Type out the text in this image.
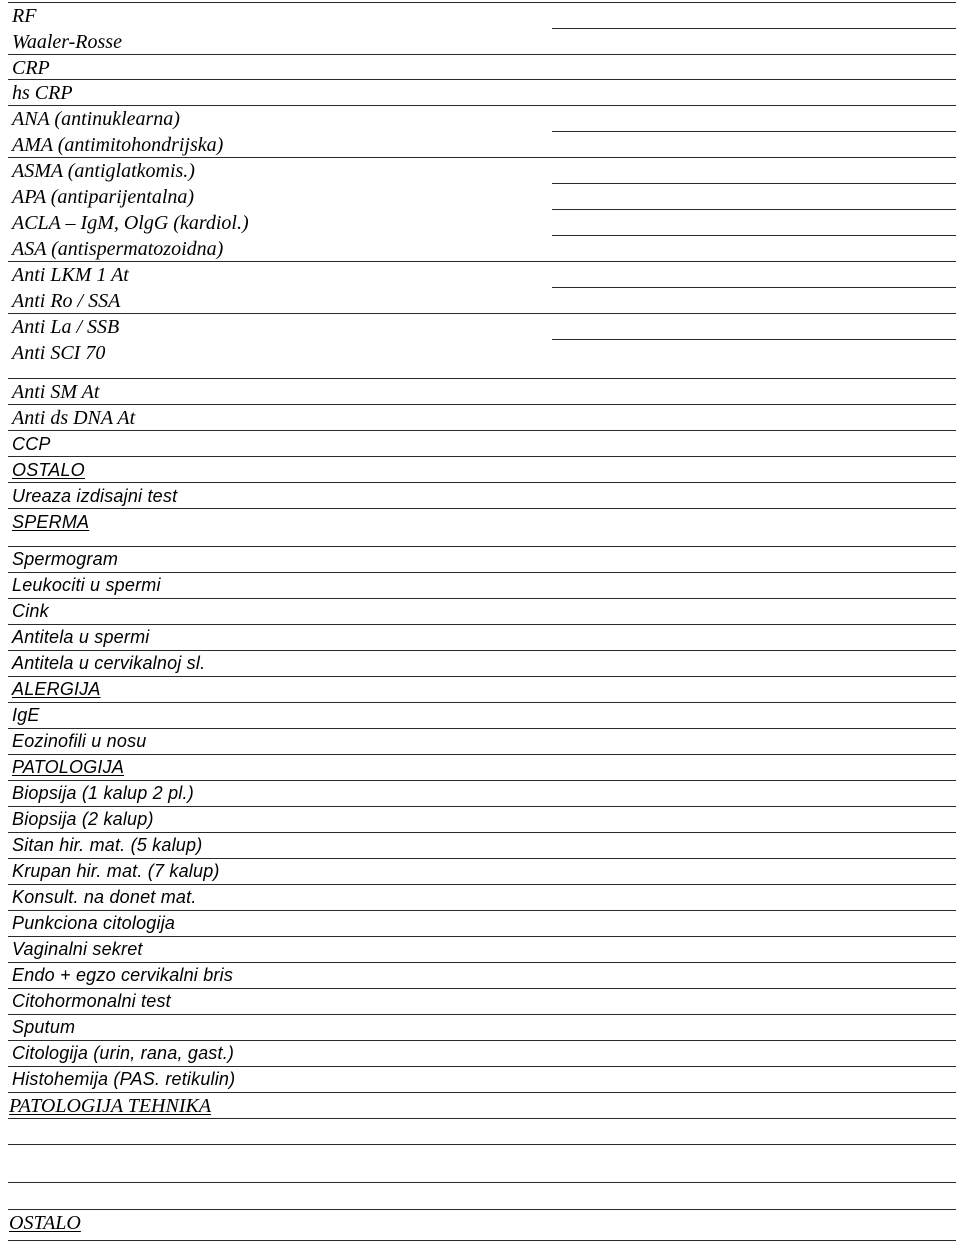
RF
Waaler-Rosse
CRP
hs CRP
ANA (antinuklearna)
AMA (antimitohondrijska)
ASMA (antiglatkomis.)
APA (antiparijentalna)
ACLA – IgM, OlgG (kardiol.)
ASA (antispermatozoidna)
Anti LKM 1 At
Anti Ro / SSA
Anti La / SSB
Anti SCI 70
Anti SM At
Anti ds DNA At
CCP
OSTALO
Ureaza izdisajni test
SPERMA
Spermogram
Leukociti u spermi
Cink
Antitela u spermi
Antitela u cervikalnoj sl.
ALERGIJA
IgE
Eozinofili u nosu
PATOLOGIJA
Biopsija (1 kalup 2 pl.)
Biopsija (2 kalup)
Sitan hir. mat. (5 kalup)
Krupan hir. mat. (7 kalup)
Konsult. na donet mat.
Punkciona citologija
Vaginalni sekret
Endo + egzo cervikalni bris
Citohormonalni test
Sputum
Citologija (urin, rana, gast.)
Histohemija (PAS. retikulin)
PATOLOGIJA TEHNIKA
OSTALO
